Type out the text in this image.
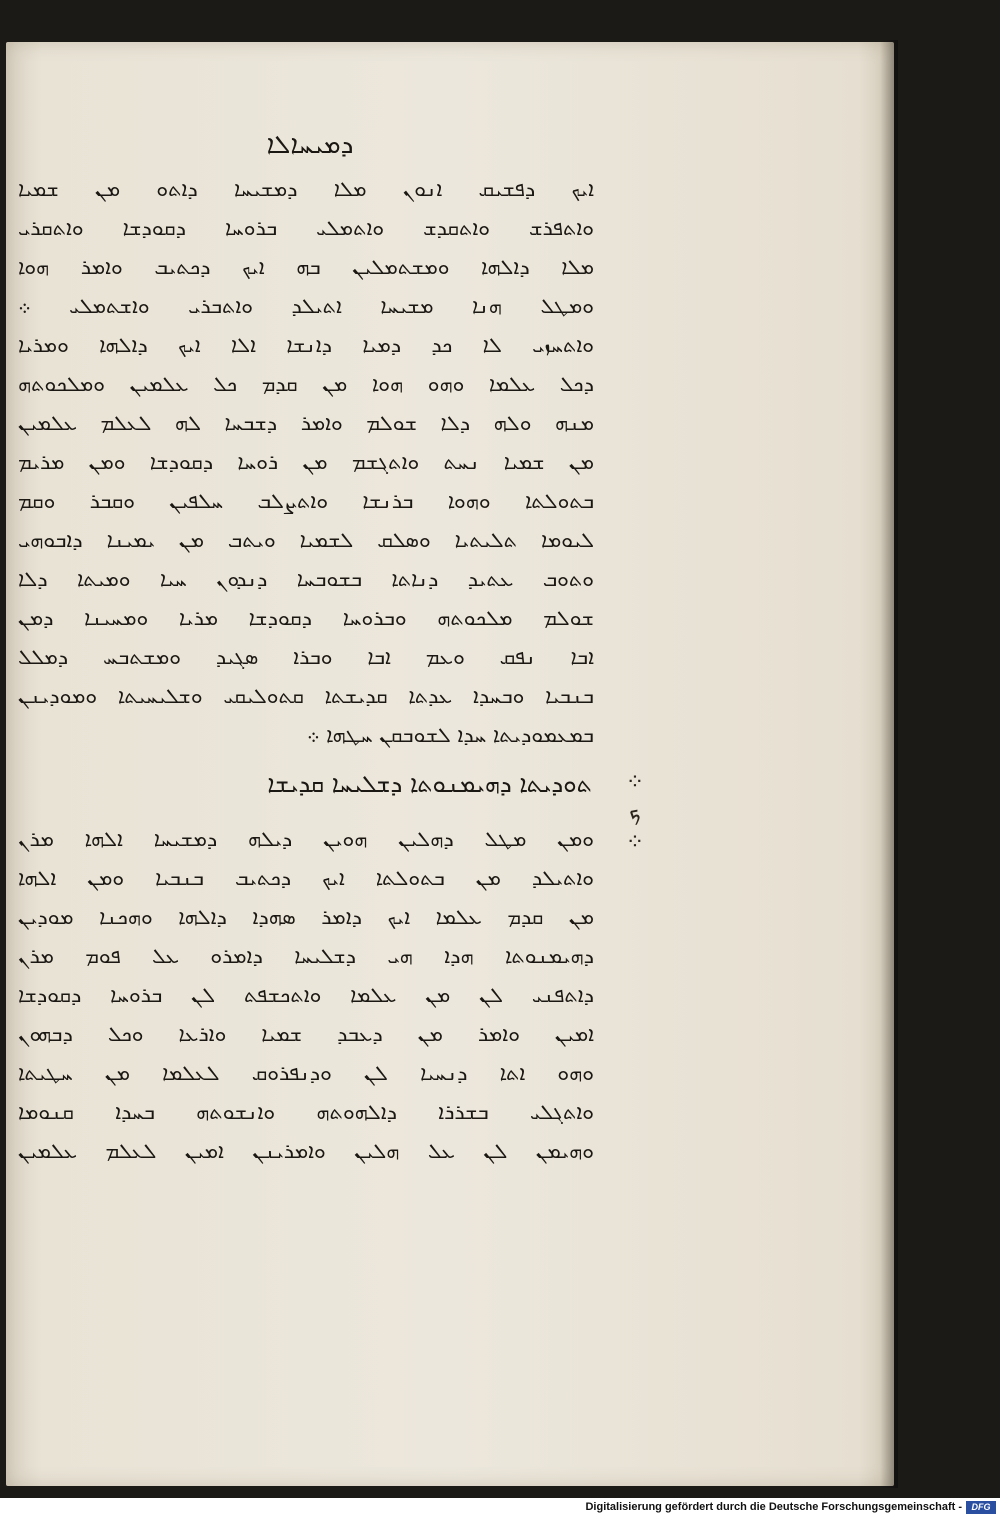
ܕܡܝܚܐܠܐ
ܐܝܟ ܕܦܫܝܩ ܐܢܘܢ ܡܠܐ ܕܡܫܝܚܐ ܕܐܬܘ ܡܢ ܫܡܝܐ
ܘܐܬܦܪܫ ܘܐܬܩܕܫ ܘܐܬܡܠܝ ܒܪܘܚܐ ܕܩܘܕܫܐ ܘܐܬܩܪܝ
ܡܠܐ ܕܐܠܗܐ ܘܡܫܬܡܠܝܢ ܒܗ ܐܝܟ ܕܟܬܝܒ ܘܐܡܪ ܗܘܐ
ܘܡܛܠ ܗܢܐ ܡܫܝܚܐ ܐܬܝܠܕ ܘܐܬܒܪܝ ܘܐܫܬܡܠܝ ܀
ܘܐܬܚܙܝ ܠܐ ܟܕ ܕܡܝܐ ܕܐܢܫܐ ܐܠܐ ܐܝܟ ܕܐܠܗܐ ܘܡܪܝܐ
ܕܟܠ ܥܠܡܐ ܘܗܘ ܗܘܐ ܡܢ ܩܕܡ ܟܠ ܥܠܡܝܢ ܘܡܠܟܘܬܗ
ܡܢܗ ܘܠܗ ܕܠܐ ܫܘܠܡ ܘܐܡܪ ܕܫܒܚܐ ܠܗ ܠܥܠܡ ܥܠܡܝܢ
ܡܢ ܫܡܝܐ ܢܚܬ ܘܐܬܓܫܡ ܡܢ ܪܘܚܐ ܕܩܘܕܫܐ ܘܡܢ ܡܪܝܡ
ܒܬܘܠܬܐ ܘܗܘܐ ܒܪܢܫܐ ܘܐܬܨܠܒ ܚܠܦܝܢ ܘܩܒܪ ܘܩܡ
ܠܝܘܡܐ ܬܠܝܬܝܐ ܘܣܠܩ ܠܫܡܝܐ ܘܝܬܒ ܡܢ ܝܡܝܢܐ ܕܐܒܘܗܝ
ܘܬܘܒ ܥܬܝܕ ܕܢܐܬܐ ܒܫܘܒܚܐ ܕܢܕܘܢ ܚܝܐ ܘܡܝܬܐ ܕܠܐ
ܫܘܠܡ ܡܠܟܘܬܗ ܘܒܪܘܚܐ ܕܩܘܕܫܐ ܡܪܝܐ ܘܡܚܝܢܐ ܕܡܢ
ܐܒܐ ܢܦܩ ܘܥܡ ܐܒܐ ܘܒܪܐ ܣܓܝܕ ܘܡܫܬܒܚ ܕܡܠܠ
ܒܢܒܝܐ ܘܒܚܕܐ ܥܕܬܐ ܩܕܝܫܬܐ ܩܬܘܠܝܩܝ ܘܫܠܝܚܝܬܐ ܘܡܘܕܝܢܢ
ܒܡܥܡܘܕܝܬܐ ܚܕܐ ܠܫܘܒܩܢ ܚܛܗܐ ܀
ܬܘܕܝܬܐ ܕܗܝܡܢܘܬܐ ܕܫܠܝܚܐ ܩܕܝܫܐ
ܘܡܢ ܡܛܠ ܕܗܠܝܢ ܗܘܝܢ ܕܝܠܗ ܕܡܫܝܚܐ ܐܠܗܐ ܡܪܢ
ܘܐܬܝܠܕ ܡܢ ܒܬܘܠܬܐ ܐܝܟ ܕܟܬܝܒ ܒܢܒܝܐ ܘܡܢ ܐܠܗܐ
ܡܢ ܩܕܡ ܥܠܡܐ ܐܝܟ ܕܐܡܪ ܣܗܕܐ ܕܐܠܗܐ ܘܗܟܢܐ ܡܘܕܝܢ
ܕܗܝܡܢܘܬܐ ܗܕܐ ܗܝ ܕܫܠܝܚܐ ܕܐܡܪܘ ܥܠ ܦܘܡ ܡܪܢ
ܕܐܬܦܢܝ ܠܢ ܡܢ ܥܠܡܐ ܘܐܬܟܫܦܬ ܠܢ ܒܪܘܚܐ ܕܩܘܕܫܐ
ܐܡܝܢ ܘܐܡܪ ܡܢ ܕܥܒܕ ܫܡܝܐ ܘܐܪܥܐ ܘܟܠ ܕܒܗܘܢ
ܘܗܘ ܐܬܐ ܕܢܚܝܐ ܠܢ ܘܕܢܦܪܘܩ ܠܥܠܡܐ ܡܢ ܚܛܝܬܐ
ܘܐܬܓܠܝ ܒܫܪܪܐ ܕܐܠܗܘܬܗ ܘܐܢܫܘܬܗ ܒܚܕܐ ܩܢܘܡܐ
ܘܗܝܡܢ ܠܢ ܥܠ ܗܠܝܢ ܘܐܡܪܝܢܢ ܐܡܝܢ ܠܥܠܡ ܥܠܡܝܢ
⁘ ܟ ⁘
Digitalisierung gefördert durch die Deutsche Forschungsgemeinschaft -	DFG
